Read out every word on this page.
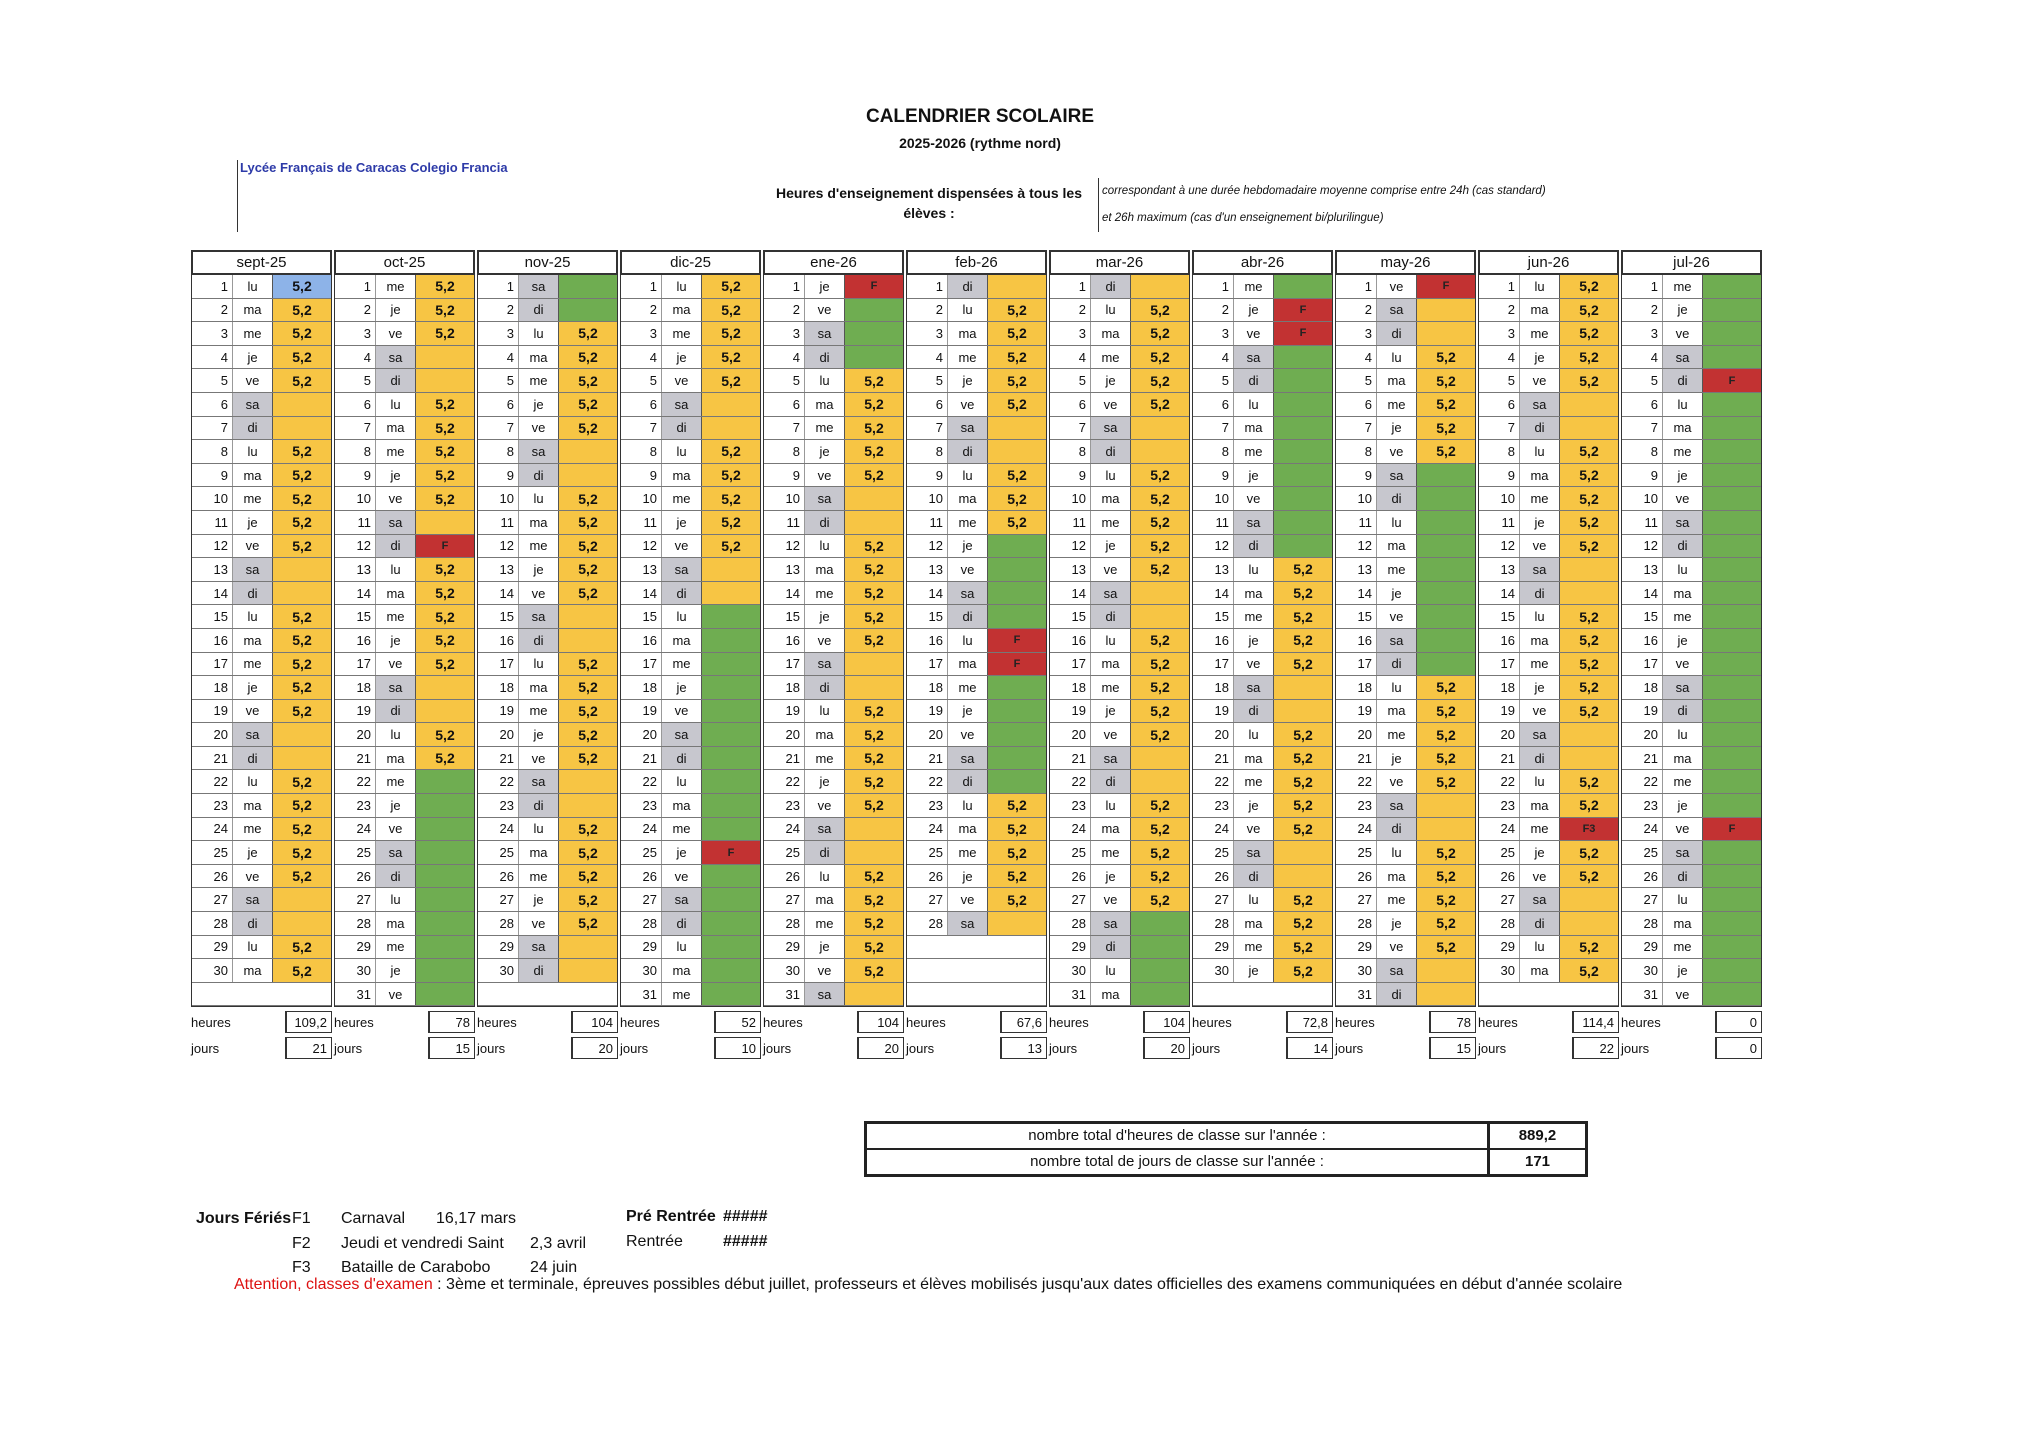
CALENDRIER SCOLAIRE
2025-2026 (rythme nord)
Lycée Français de Caracas Colegio Francia
Heures d'enseignement dispensées à tous les élèves :
correspondant à une durée hebdomadaire moyenne comprise entre 24h (cas standard)
et 26h maximum (cas d'un enseignement bi/plurilingue)
sept-25
1	lu	5,2
2	ma	5,2
3	me	5,2
4	je	5,2
5	ve	5,2
6	sa
7	di
8	lu	5,2
9	ma	5,2
10	me	5,2
11	je	5,2
12	ve	5,2
13	sa
14	di
15	lu	5,2
16	ma	5,2
17	me	5,2
18	je	5,2
19	ve	5,2
20	sa
21	di
22	lu	5,2
23	ma	5,2
24	me	5,2
25	je	5,2
26	ve	5,2
27	sa
28	di
29	lu	5,2
30	ma	5,2
heures	109,2
jours	21
oct-25
1	me	5,2
2	je	5,2
3	ve	5,2
4	sa
5	di
6	lu	5,2
7	ma	5,2
8	me	5,2
9	je	5,2
10	ve	5,2
11	sa
12	di	F
13	lu	5,2
14	ma	5,2
15	me	5,2
16	je	5,2
17	ve	5,2
18	sa
19	di
20	lu	5,2
21	ma	5,2
22	me
23	je
24	ve
25	sa
26	di
27	lu
28	ma
29	me
30	je
31	ve
heures	78
jours	15
nov-25
1	sa
2	di
3	lu	5,2
4	ma	5,2
5	me	5,2
6	je	5,2
7	ve	5,2
8	sa
9	di
10	lu	5,2
11	ma	5,2
12	me	5,2
13	je	5,2
14	ve	5,2
15	sa
16	di
17	lu	5,2
18	ma	5,2
19	me	5,2
20	je	5,2
21	ve	5,2
22	sa
23	di
24	lu	5,2
25	ma	5,2
26	me	5,2
27	je	5,2
28	ve	5,2
29	sa
30	di
heures	104
jours	20
dic-25
1	lu	5,2
2	ma	5,2
3	me	5,2
4	je	5,2
5	ve	5,2
6	sa
7	di
8	lu	5,2
9	ma	5,2
10	me	5,2
11	je	5,2
12	ve	5,2
13	sa
14	di
15	lu
16	ma
17	me
18	je
19	ve
20	sa
21	di
22	lu
23	ma
24	me
25	je	F
26	ve
27	sa
28	di
29	lu
30	ma
31	me
heures	52
jours	10
ene-26
1	je	F
2	ve
3	sa
4	di
5	lu	5,2
6	ma	5,2
7	me	5,2
8	je	5,2
9	ve	5,2
10	sa
11	di
12	lu	5,2
13	ma	5,2
14	me	5,2
15	je	5,2
16	ve	5,2
17	sa
18	di
19	lu	5,2
20	ma	5,2
21	me	5,2
22	je	5,2
23	ve	5,2
24	sa
25	di
26	lu	5,2
27	ma	5,2
28	me	5,2
29	je	5,2
30	ve	5,2
31	sa
heures	104
jours	20
feb-26
1	di
2	lu	5,2
3	ma	5,2
4	me	5,2
5	je	5,2
6	ve	5,2
7	sa
8	di
9	lu	5,2
10	ma	5,2
11	me	5,2
12	je
13	ve
14	sa
15	di
16	lu	F
17	ma	F
18	me
19	je
20	ve
21	sa
22	di
23	lu	5,2
24	ma	5,2
25	me	5,2
26	je	5,2
27	ve	5,2
28	sa
heures	67,6
jours	13
mar-26
1	di
2	lu	5,2
3	ma	5,2
4	me	5,2
5	je	5,2
6	ve	5,2
7	sa
8	di
9	lu	5,2
10	ma	5,2
11	me	5,2
12	je	5,2
13	ve	5,2
14	sa
15	di
16	lu	5,2
17	ma	5,2
18	me	5,2
19	je	5,2
20	ve	5,2
21	sa
22	di
23	lu	5,2
24	ma	5,2
25	me	5,2
26	je	5,2
27	ve	5,2
28	sa
29	di
30	lu
31	ma
heures	104
jours	20
abr-26
1	me
2	je	F
3	ve	F
4	sa
5	di
6	lu
7	ma
8	me
9	je
10	ve
11	sa
12	di
13	lu	5,2
14	ma	5,2
15	me	5,2
16	je	5,2
17	ve	5,2
18	sa
19	di
20	lu	5,2
21	ma	5,2
22	me	5,2
23	je	5,2
24	ve	5,2
25	sa
26	di
27	lu	5,2
28	ma	5,2
29	me	5,2
30	je	5,2
heures	72,8
jours	14
may-26
1	ve	F
2	sa
3	di
4	lu	5,2
5	ma	5,2
6	me	5,2
7	je	5,2
8	ve	5,2
9	sa
10	di
11	lu
12	ma
13	me
14	je
15	ve
16	sa
17	di
18	lu	5,2
19	ma	5,2
20	me	5,2
21	je	5,2
22	ve	5,2
23	sa
24	di
25	lu	5,2
26	ma	5,2
27	me	5,2
28	je	5,2
29	ve	5,2
30	sa
31	di
heures	78
jours	15
jun-26
1	lu	5,2
2	ma	5,2
3	me	5,2
4	je	5,2
5	ve	5,2
6	sa
7	di
8	lu	5,2
9	ma	5,2
10	me	5,2
11	je	5,2
12	ve	5,2
13	sa
14	di
15	lu	5,2
16	ma	5,2
17	me	5,2
18	je	5,2
19	ve	5,2
20	sa
21	di
22	lu	5,2
23	ma	5,2
24	me	F3
25	je	5,2
26	ve	5,2
27	sa
28	di
29	lu	5,2
30	ma	5,2
heures	114,4
jours	22
jul-26
1	me
2	je
3	ve
4	sa
5	di	F
6	lu
7	ma
8	me
9	je
10	ve
11	sa
12	di
13	lu
14	ma
15	me
16	je
17	ve
18	sa
19	di
20	lu
21	ma
22	me
23	je
24	ve	F
25	sa
26	di
27	lu
28	ma
29	me
30	je
31	ve
heures	0
jours	0
nombre total d'heures de classe sur l'année :	889,2
nombre total de jours de classe sur l'année :	171
Jours Fériés F1 Carnaval 16,17 mars
F2 Jeudi et vendredi Saint 2,3 avril
F3 Bataille de Carabobo 24 juin
Pré Rentrée #####
Rentrée	#####
Attention, classes d'examen : 3ème et terminale, épreuves possibles début juillet, professeurs et élèves mobilisés jusqu'aux dates officielles des examens communiquées en début d'année scolaire
